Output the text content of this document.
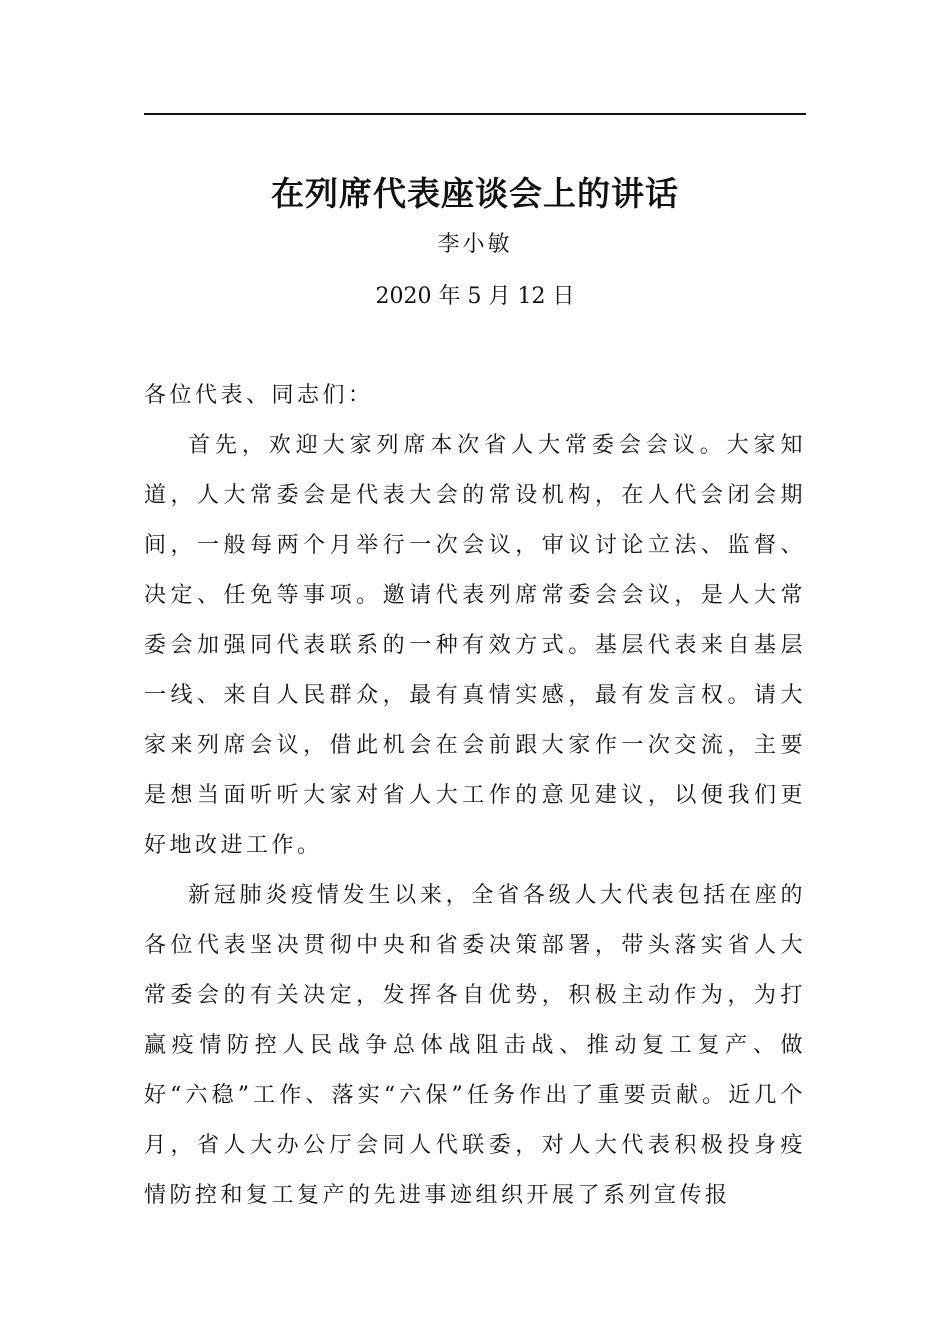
在列席代表座谈会上的讲话
李小敏
2020 年 5 月 12 日

各位代表、同志们：

首先，欢迎大家列席本次省人大常委会会议。大家知道，人大常委会是代表大会的常设机构，在人代会闭会期间，一般每两个月举行一次会议，审议讨论立法、监督、决定、任免等事项。邀请代表列席常委会会议，是人大常委会加强同代表联系的一种有效方式。基层代表来自基层一线、来自人民群众，最有真情实感，最有发言权。请大家来列席会议，借此机会在会前跟大家作一次交流，主要是想当面听听大家对省人大工作的意见建议，以便我们更好地改进工作。

新冠肺炎疫情发生以来，全省各级人大代表包括在座的各位代表坚决贯彻中央和省委决策部署，带头落实省人大常委会的有关决定，发挥各自优势，积极主动作为，为打赢疫情防控人民战争总体战阻击战、推动复工复产、做好“六稳”工作、落实“六保”任务作出了重要贡献。近几个月，省人大办公厅会同人代联委，对人大代表积极投身疫情防控和复工复产的先进事迹组织开展了系列宣传报
